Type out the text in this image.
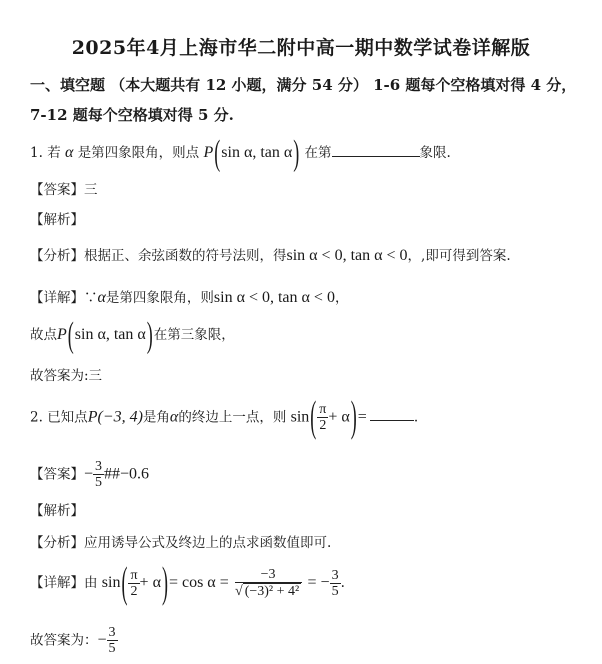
2025年4月上海市华二附中高一期中数学试卷详解版
一、填空题 （本大题共有 12 小题，满分 54 分） 1-6 题每个空格填对得 4 分，
7-12 题每个空格填对得 5 分.
1. 若 α 是第四象限角，则点 P(sin α, tan α) 在第	象限.
【答案】三
【解析】
【分析】根据正、余弦函数的符号法则，得sin α < 0, tan α < 0，,即可得到答案.
【详解】∵α是第四象限角，则sin α < 0, tan α < 0，
故点P(sin α, tan α)在第三象限，
故答案为:三
2. 已知点P(−3, 4)是角α的终边上一点，则 $\sin( \frac{\pi}{2} + \alpha)=$	.
【答案】− $\frac{3}{5}$ ##−0.6
【解析】
【分析】应用诱导公式及终边上的点求函数值即可.
【详解】由 $\sin( \frac{\pi}{2} + \alpha)= \cos \alpha = \frac{-3}{\text{√ (−3)² + 4²}}$ = − $\frac{3}{5}$ .
故答案为：− $\frac{3}{5}$
